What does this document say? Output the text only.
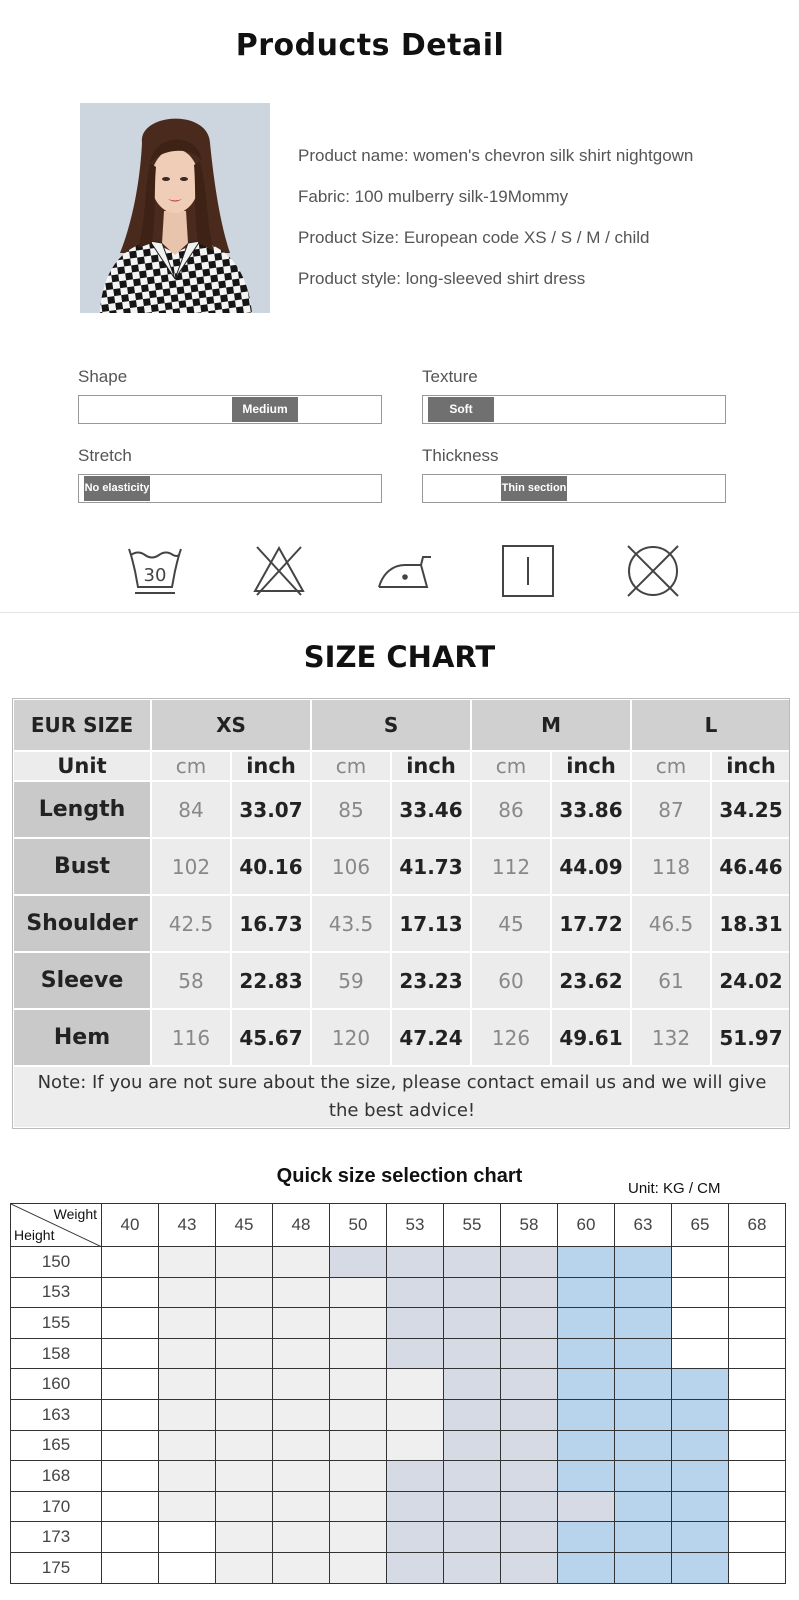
Products Detail
Product name: women's chevron silk shirt nightgown
Fabric: 100 mulberry silk-19Mommy
Product Size: European code XS / S / M / child
Product style: long-sleeved shirt dress
Shape
Medium
Texture
Soft
Stretch
No elasticity
Thickness
Thin section
30
SIZE CHART
EUR SIZE	XS		S		M		L	
Unit	cm	inch	cm	inch	cm	inch	cm	inch
Length	84	33.07	85	33.46	86	33.86	87	34.25
Bust	102	40.16	106	41.73	112	44.09	118	46.46
Shoulder	42.5	16.73	43.5	17.13	45	17.72	46.5	18.31
Sleeve	58	22.83	59	23.23	60	23.62	61	24.02
Hem	116	45.67	120	47.24	126	49.61	132	51.97
Note: If you are not sure about the size, please contact email us and we will give the best advice!								
Quick size selection chart
Unit: KG / CM
Weight
Height	40	43	45	48	50	53	55	58	60	63	65	68
150												
153												
155												
158												
160												
163												
165												
168												
170												
173												
175												
